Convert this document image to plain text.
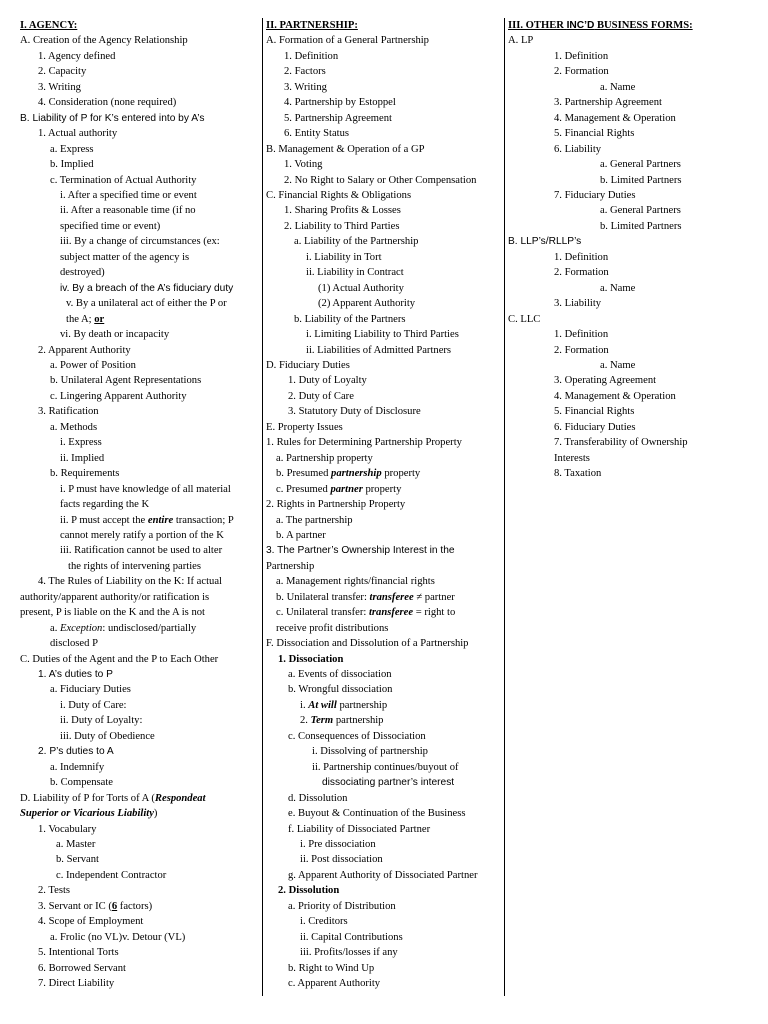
I. AGENCY:
A. Creation of the Agency Relationship
1. Agency defined
2. Capacity
3. Writing
4. Consideration (none required)
B. Liability of P for K’s entered into by A’s
1. Actual authority
a. Express
b. Implied
c. Termination of Actual Authority
i. After a specified time or event
ii. After a reasonable time (if no
specified time or event)
iii. By a change of circumstances (ex:
subject matter of the agency is
destroyed)
iv. By a breach of the A’s fiduciary duty
v. By a unilateral act of either the P or
the A; or
vi. By death or incapacity
2. Apparent Authority
a. Power of Position
b. Unilateral Agent Representations
c. Lingering Apparent Authority
3. Ratification
a. Methods
i. Express
ii. Implied
b. Requirements
i. P must have knowledge of all material
facts regarding the K
ii. P must accept the entire transaction; P
cannot merely ratify a portion of the K
iii. Ratification cannot be used to alter
the rights of intervening parties
4. The Rules of Liability on the K: If actual
authority/apparent authority/or ratification is
present, P is liable on the K and the A is not
a. Exception: undisclosed/partially
disclosed P
C. Duties of the Agent and the P to Each Other
1. A’s duties to P
a. Fiduciary Duties
i. Duty of Care:
ii. Duty of Loyalty:
iii. Duty of Obedience
2. P’s duties to A
a. Indemnify
b. Compensate
D. Liability of P for Torts of A (Respondeat
Superior or Vicarious Liability)
1. Vocabulary
a. Master
b. Servant
c. Independent Contractor
2. Tests
3. Servant or IC (6 factors)
4. Scope of Employment
a. Frolic (no VL)v. Detour (VL)
5. Intentional Torts
6. Borrowed Servant
7. Direct Liability
II. PARTNERSHIP:
A. Formation of a General Partnership
1. Definition
2. Factors
3. Writing
4. Partnership by Estoppel
5. Partnership Agreement
6. Entity Status
B. Management & Operation of a GP
1. Voting
2. No Right to Salary or Other Compensation
C. Financial Rights & Obligations
1. Sharing Profits & Losses
2. Liability to Third Parties
a. Liability of the Partnership
i. Liability in Tort
ii. Liability in Contract
(1) Actual Authority
(2) Apparent Authority
b. Liability of the Partners
i. Limiting Liability to Third Parties
ii. Liabilities of Admitted Partners
D. Fiduciary Duties
1. Duty of Loyalty
2. Duty of Care
3. Statutory Duty of Disclosure
E. Property Issues
1. Rules for Determining Partnership Property
a. Partnership property
b. Presumed partnership property
c. Presumed partner property
2. Rights in Partnership Property
a. The partnership
b. A partner
3. The Partner’s Ownership Interest in the
Partnership
a. Management rights/financial rights
b. Unilateral transfer: transferee ≠ partner
c. Unilateral transfer: transferee = right to
receive profit distributions
F. Dissociation and Dissolution of a Partnership
1. Dissociation
a. Events of dissociation
b. Wrongful dissociation
i. At will partnership
2. Term partnership
c. Consequences of Dissociation
i. Dissolving of partnership
ii. Partnership continues/buyout of
dissociating partner’s interest
d. Dissolution
e. Buyout & Continuation of the Business
f. Liability of Dissociated Partner
i. Pre dissociation
ii. Post dissociation
g. Apparent Authority of Dissociated Partner
2. Dissolution
a. Priority of Distribution
i. Creditors
ii. Capital Contributions
iii. Profits/losses if any
b. Right to Wind Up
c. Apparent Authority
III. OTHER INC’D BUSINESS FORMS:
A. LP
1. Definition
2. Formation
a. Name
3. Partnership Agreement
4. Management & Operation
5. Financial Rights
6. Liability
a. General Partners
b. Limited Partners
7. Fiduciary Duties
a. General Partners
b. Limited Partners
B. LLP’s/RLLP’s
1. Definition
2. Formation
a. Name
3. Liability
C. LLC
1. Definition
2. Formation
a. Name
3. Operating Agreement
4. Management & Operation
5. Financial Rights
6. Fiduciary Duties
7. Transferability of Ownership
Interests
8. Taxation
